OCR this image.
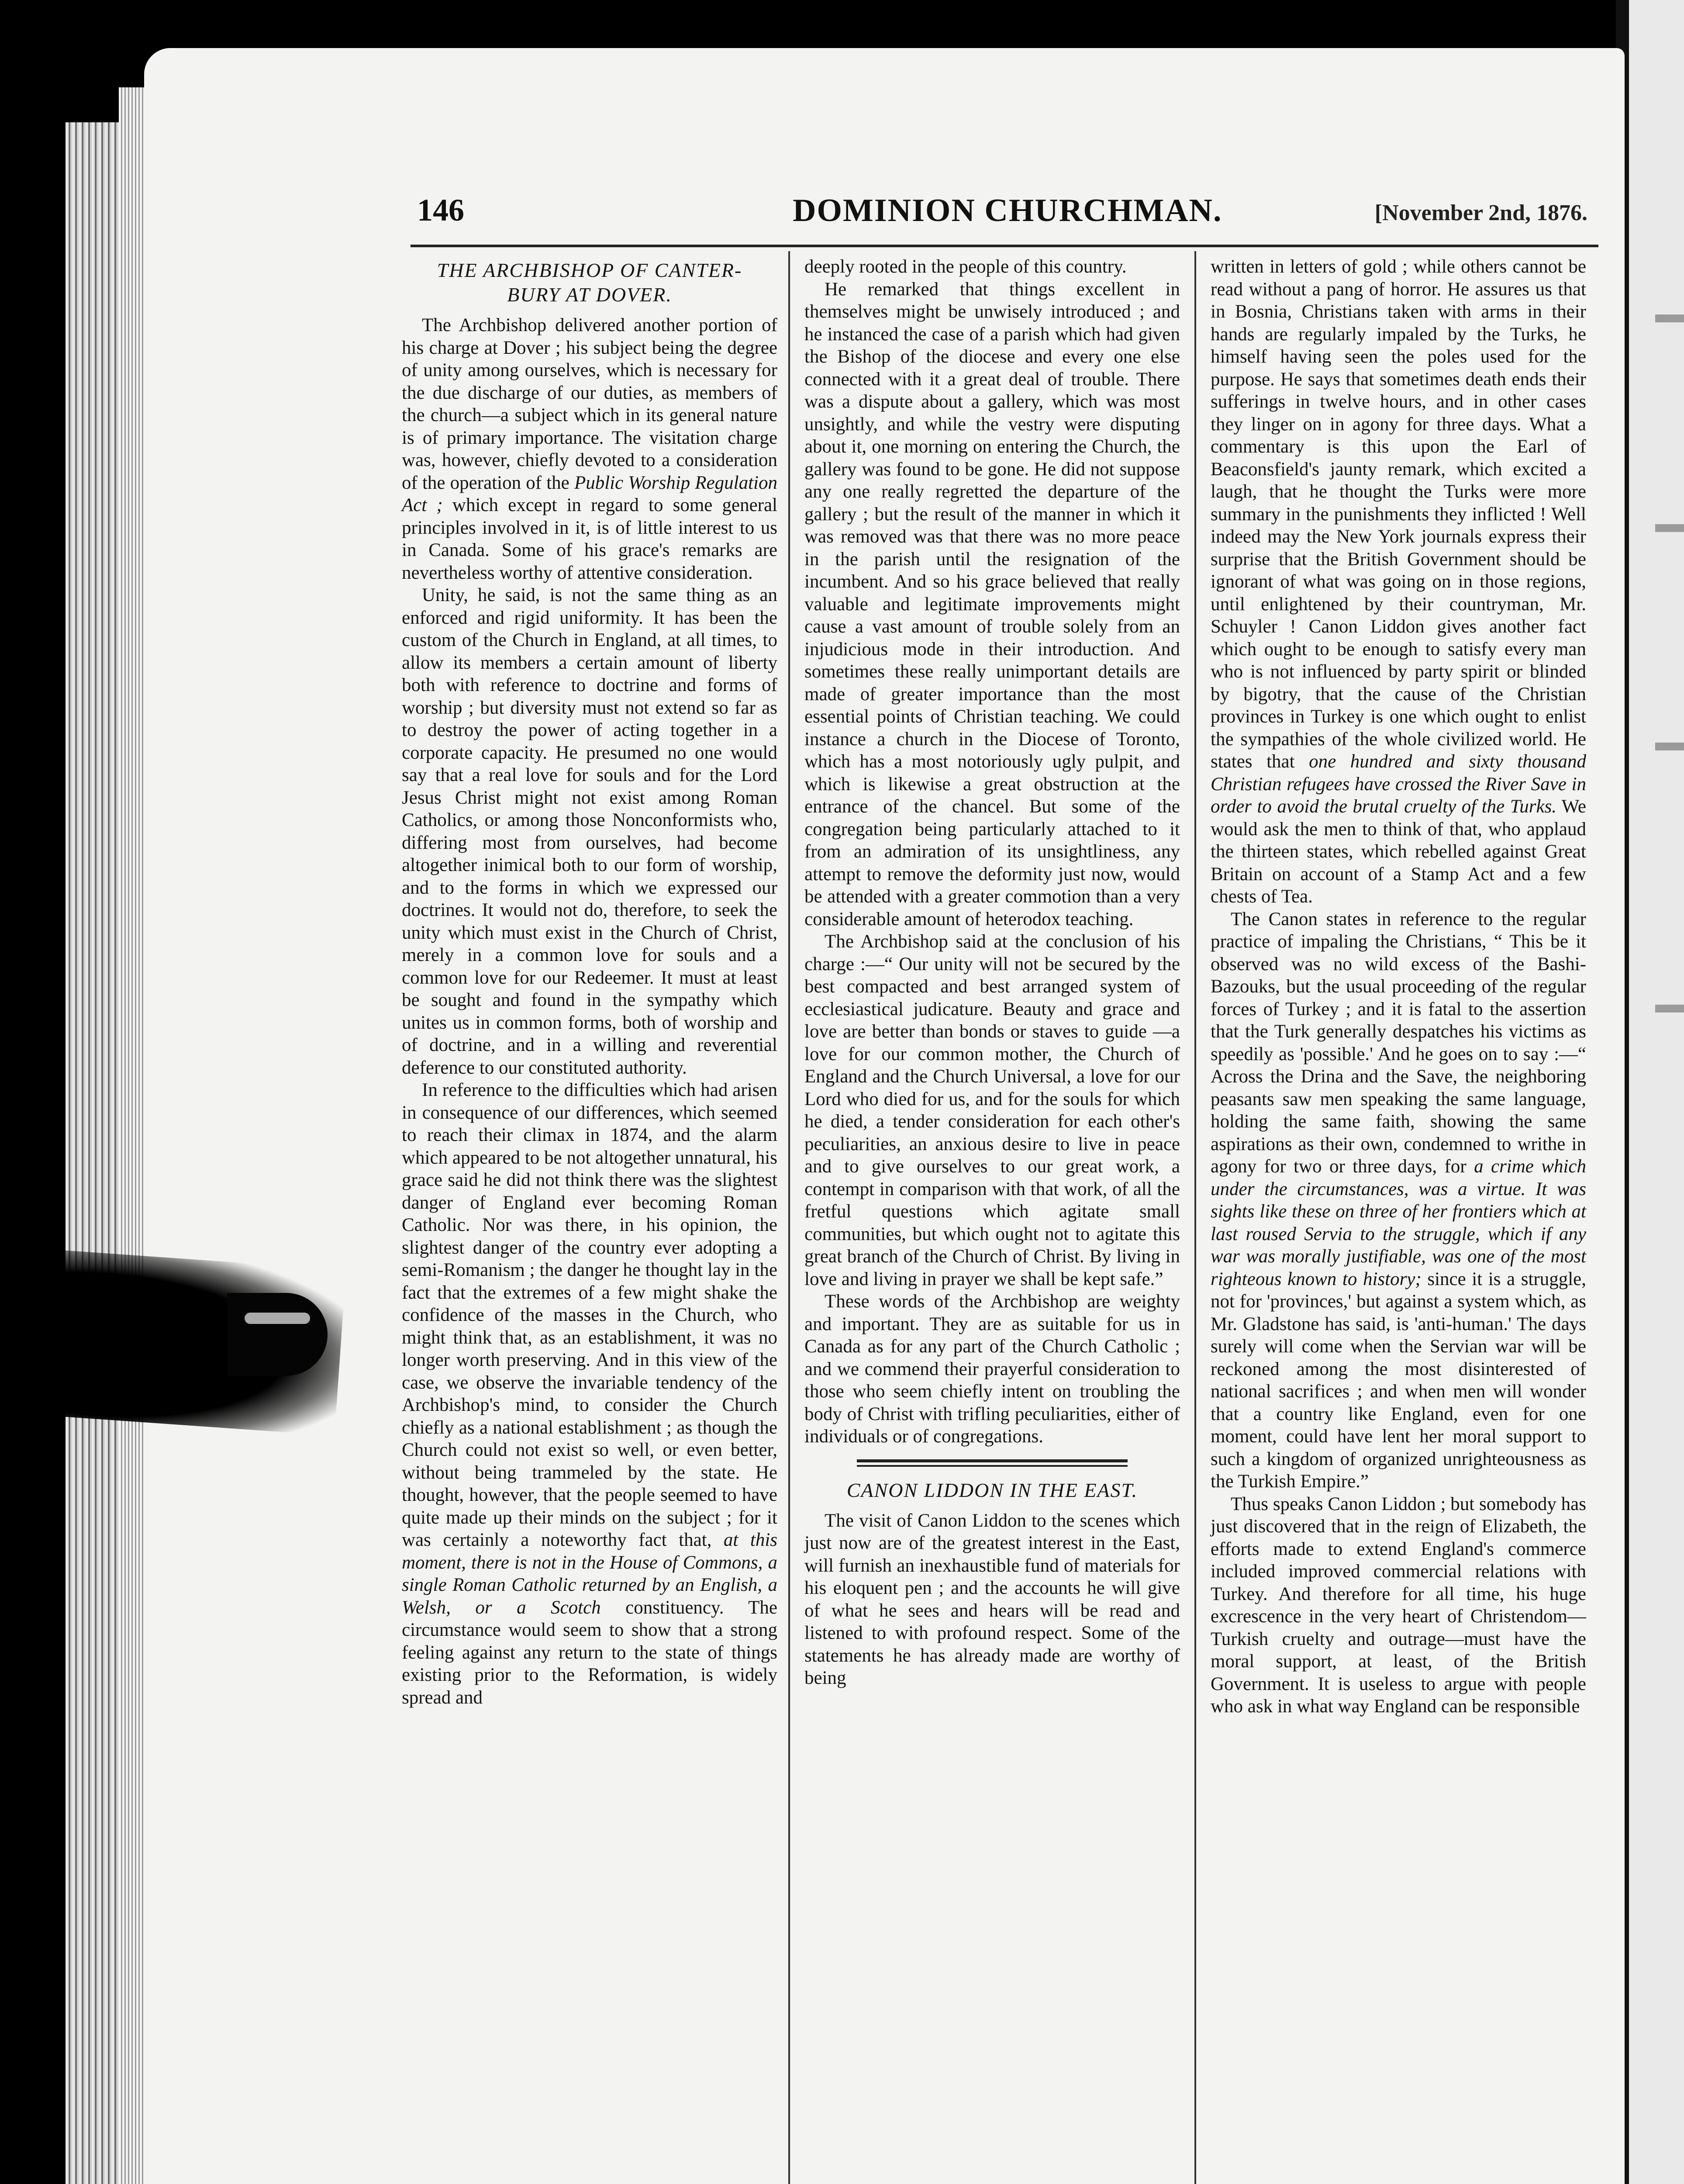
146	DOMINION CHURCHMAN.	[November 2nd, 1876.
THE ARCHBISHOP OF CANTER-
BURY AT DOVER.

The Archbishop delivered another portion of his charge at Dover ; his subject being the degree of unity among ourselves, which is necessary for the due discharge of our duties, as members of the church—a subject which in its general nature is of primary importance. The visitation charge was, however, chiefly devoted to a consideration of the operation of the Public Worship Regulation Act ; which except in regard to some general principles involved in it, is of little interest to us in Canada. Some of his grace's remarks are nevertheless worthy of attentive consideration.

Unity, he said, is not the same thing as an enforced and rigid uniformity. It has been the custom of the Church in England, at all times, to allow its members a certain amount of liberty both with reference to doctrine and forms of worship ; but diversity must not extend so far as to destroy the power of acting together in a corporate capacity. He presumed no one would say that a real love for souls and for the Lord Jesus Christ might not exist among Roman Catholics, or among those Nonconformists who, differing most from ourselves, had become altogether inimical both to our form of worship, and to the forms in which we expressed our doctrines. It would not do, therefore, to seek the unity which must exist in the Church of Christ, merely in a common love for souls and a common love for our Redeemer. It must at least be sought and found in the sympathy which unites us in common forms, both of worship and of doctrine, and in a willing and reverential deference to our constituted authority.

In reference to the difficulties which had arisen in consequence of our differences, which seemed to reach their climax in 1874, and the alarm which appeared to be not altogether unnatural, his grace said he did not think there was the slightest danger of England ever becoming Roman Catholic. Nor was there, in his opinion, the slightest danger of the country ever adopting a semi-Romanism ; the danger he thought lay in the fact that the extremes of a few might shake the confidence of the masses in the Church, who might think that, as an establishment, it was no longer worth preserving. And in this view of the case, we observe the invariable tendency of the Archbishop's mind, to consider the Church chiefly as a national establishment ; as though the Church could not exist so well, or even better, without being trammeled by the state. He thought, however, that the people seemed to have quite made up their minds on the subject ; for it was certainly a noteworthy fact that, at this moment, there is not in the House of Commons, a single Roman Catholic returned by an English, a Welsh, or a Scotch constituency. The circumstance would seem to show that a strong feeling against any return to the state of things existing prior to the Reformation, is widely spread and

deeply rooted in the people of this country.

He remarked that things excellent in themselves might be unwisely introduced ; and he instanced the case of a parish which had given the Bishop of the diocese and every one else connected with it a great deal of trouble. There was a dispute about a gallery, which was most unsightly, and while the vestry were disputing about it, one morning on entering the Church, the gallery was found to be gone. He did not suppose any one really regretted the departure of the gallery ; but the result of the manner in which it was removed was that there was no more peace in the parish until the resignation of the incumbent. And so his grace believed that really valuable and legitimate improvements might cause a vast amount of trouble solely from an injudicious mode in their introduction. And sometimes these really unimportant details are made of greater importance than the most essential points of Christian teaching. We could instance a church in the Diocese of Toronto, which has a most notoriously ugly pulpit, and which is likewise a great obstruction at the entrance of the chancel. But some of the congregation being particularly attached to it from an admiration of its unsightliness, any attempt to remove the deformity just now, would be attended with a greater commotion than a very considerable amount of heterodox teaching.

The Archbishop said at the conclusion of his charge :—“ Our unity will not be secured by the best compacted and best arranged system of ecclesiastical judicature. Beauty and grace and love are better than bonds or staves to guide —a love for our common mother, the Church of England and the Church Universal, a love for our Lord who died for us, and for the souls for which he died, a tender consideration for each other's peculiarities, an anxious desire to live in peace and to give ourselves to our great work, a contempt in comparison with that work, of all the fretful questions which agitate small communities, but which ought not to agitate this great branch of the Church of Christ. By living in love and living in prayer we shall be kept safe.”

These words of the Archbishop are weighty and important. They are as suitable for us in Canada as for any part of the Church Catholic ; and we commend their prayerful consideration to those who seem chiefly intent on troubling the body of Christ with trifling peculiarities, either of individuals or of congregations.

CANON LIDDON IN THE EAST.

The visit of Canon Liddon to the scenes which just now are of the greatest interest in the East, will furnish an inexhaustible fund of materials for his eloquent pen ; and the accounts he will give of what he sees and hears will be read and listened to with profound respect. Some of the statements he has already made are worthy of being

written in letters of gold ; while others cannot be read without a pang of horror. He assures us that in Bosnia, Christians taken with arms in their hands are regularly impaled by the Turks, he himself having seen the poles used for the purpose. He says that sometimes death ends their sufferings in twelve hours, and in other cases they linger on in agony for three days. What a commentary is this upon the Earl of Beaconsfield's jaunty remark, which excited a laugh, that he thought the Turks were more summary in the punishments they inflicted ! Well indeed may the New York journals express their surprise that the British Government should be ignorant of what was going on in those regions, until enlightened by their countryman, Mr. Schuyler ! Canon Liddon gives another fact which ought to be enough to satisfy every man who is not influenced by party spirit or blinded by bigotry, that the cause of the Christian provinces in Turkey is one which ought to enlist the sympathies of the whole civilized world. He states that one hundred and sixty thousand Christian refugees have crossed the River Save in order to avoid the brutal cruelty of the Turks. We would ask the men to think of that, who applaud the thirteen states, which rebelled against Great Britain on account of a Stamp Act and a few chests of Tea.

The Canon states in reference to the regular practice of impaling the Christians, “ This be it observed was no wild excess of the Bashi-Bazouks, but the usual proceeding of the regular forces of Turkey ; and it is fatal to the assertion that the Turk generally despatches his victims as speedily as 'possible.' And he goes on to say :—“ Across the Drina and the Save, the neighboring peasants saw men speaking the same language, holding the same faith, showing the same aspirations as their own, condemned to writhe in agony for two or three days, for a crime which under the circumstances, was a virtue. It was sights like these on three of her frontiers which at last roused Servia to the struggle, which if any war was morally justifiable, was one of the most righteous known to history; since it is a struggle, not for 'provinces,' but against a system which, as Mr. Gladstone has said, is 'anti-human.' The days surely will come when the Servian war will be reckoned among the most disinterested of national sacrifices ; and when men will wonder that a country like England, even for one moment, could have lent her moral support to such a kingdom of organized unrighteousness as the Turkish Empire.”

Thus speaks Canon Liddon ; but somebody has just discovered that in the reign of Elizabeth, the efforts made to extend England's commerce included improved commercial relations with Turkey. And therefore for all time, his huge excrescence in the very heart of Christendom—Turkish cruelty and outrage—must have the moral support, at least, of the British Government. It is useless to argue with people who ask in what way England can be responsible
